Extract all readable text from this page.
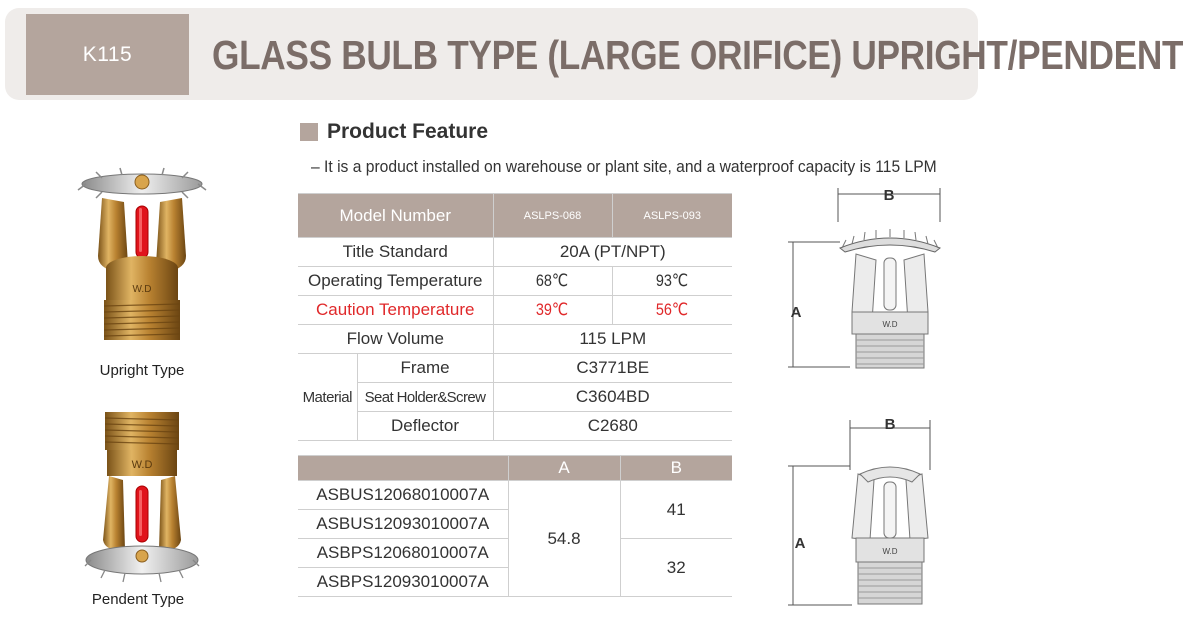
K115	GLASS BULB TYPE (LARGE ORIFICE) UPRIGHT/PENDENT
Product Feature
– It is a product installed on warehouse or plant site, and a waterproof capacity is 115 LPM
Model Number		ASLPS-068	ASLPS-093
Title Standard		20A (PT/NPT)	
Operating Temperature		68℃	93℃
Caution Temperature		39℃	56℃
Flow Volume		115 LPM	
Material	Frame	C3771BE	
	Seat Holder&Screw	C3604BD	
	Deflector	C2680	
	A	B
ASBUS12068010007A	54.8	41
ASBUS12093010007A		
ASBPS12068010007A		32
ASBPS12093010007A		
W.D
Upright Type
W.D
Pendent Type
B
A
W.D
B
A	W.D
